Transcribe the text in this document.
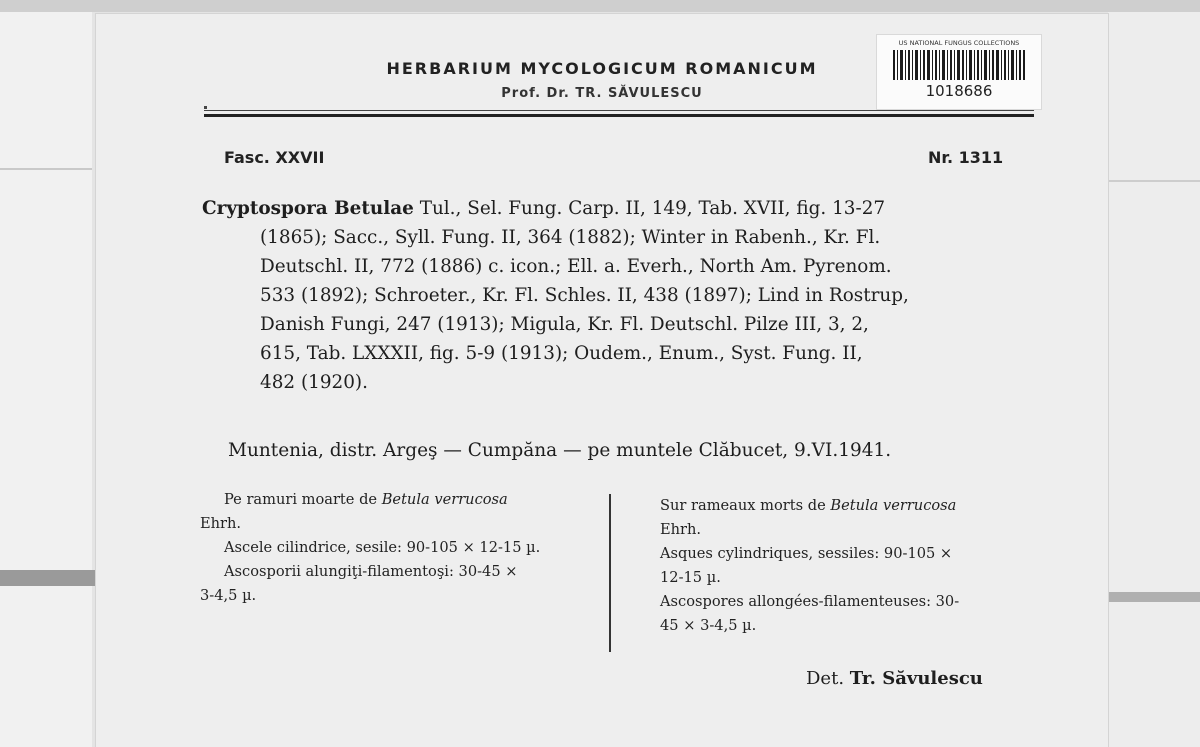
HERBARIUM MYCOLOGICUM ROMANICUM
Prof. Dr. TR. SĂVULESCU
US NATIONAL FUNGUS COLLECTIONS
1018686
Fasc. XXVII	Nr. 1311
Cryptospora Betulae Tul., Sel. Fung. Carp. II, 149, Tab. XVII, fig. 13-27
(1865); Sacc., Syll. Fung. II, 364 (1882); Winter in Rabenh., Kr. Fl.
Deutschl. II, 772 (1886) c. icon.; Ell. a. Everh., North Am. Pyrenom.
533 (1892); Schroeter., Kr. Fl. Schles. II, 438 (1897); Lind in Rostrup,
Danish Fungi, 247 (1913); Migula, Kr. Fl. Deutschl. Pilze III, 3, 2,
615, Tab. LXXXII, fig. 5-9 (1913); Oudem., Enum., Syst. Fung. II,
482 (1920).
Muntenia, distr. Argeş — Cumpăna — pe muntele Clăbucet, 9.VI.1941.
Pe ramuri moarte de Betula verrucosa
Ehrh.
Ascele cilindrice, sesile: 90-105 × 12-15 µ.
Ascosporii alungiţi-filamentoşi: 30-45 ×
3-4,5 µ.
Sur rameaux morts de Betula verrucosa
Ehrh.
Asques cylindriques, sessiles: 90-105 ×
12-15 µ.
Ascospores allongées-filamenteuses: 30-
45 × 3-4,5 µ.
Det. Tr. Săvulescu
